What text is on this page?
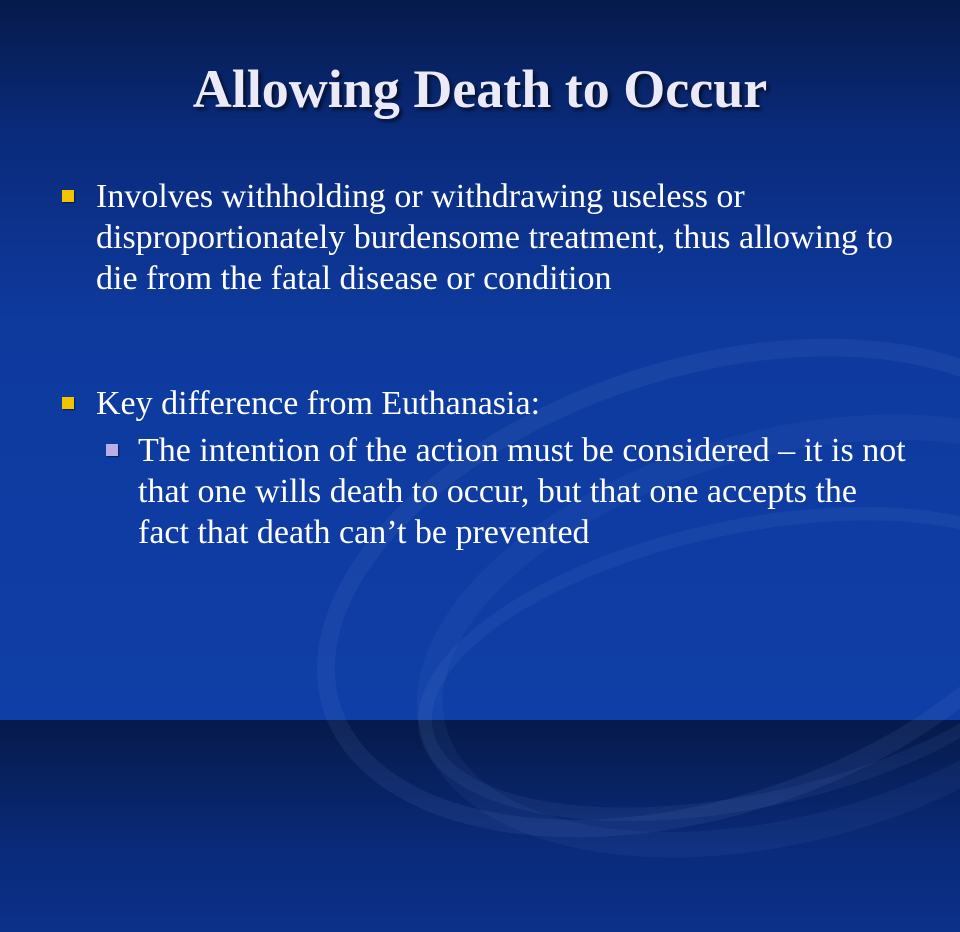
Allowing Death to Occur
Involves withholding or withdrawing useless or disproportionately burdensome treatment, thus allowing to die from the fatal disease or condition
Key difference from Euthanasia:
The intention of the action must be considered – it is not that one wills death to occur, but that one accepts the fact that death can’t be prevented
